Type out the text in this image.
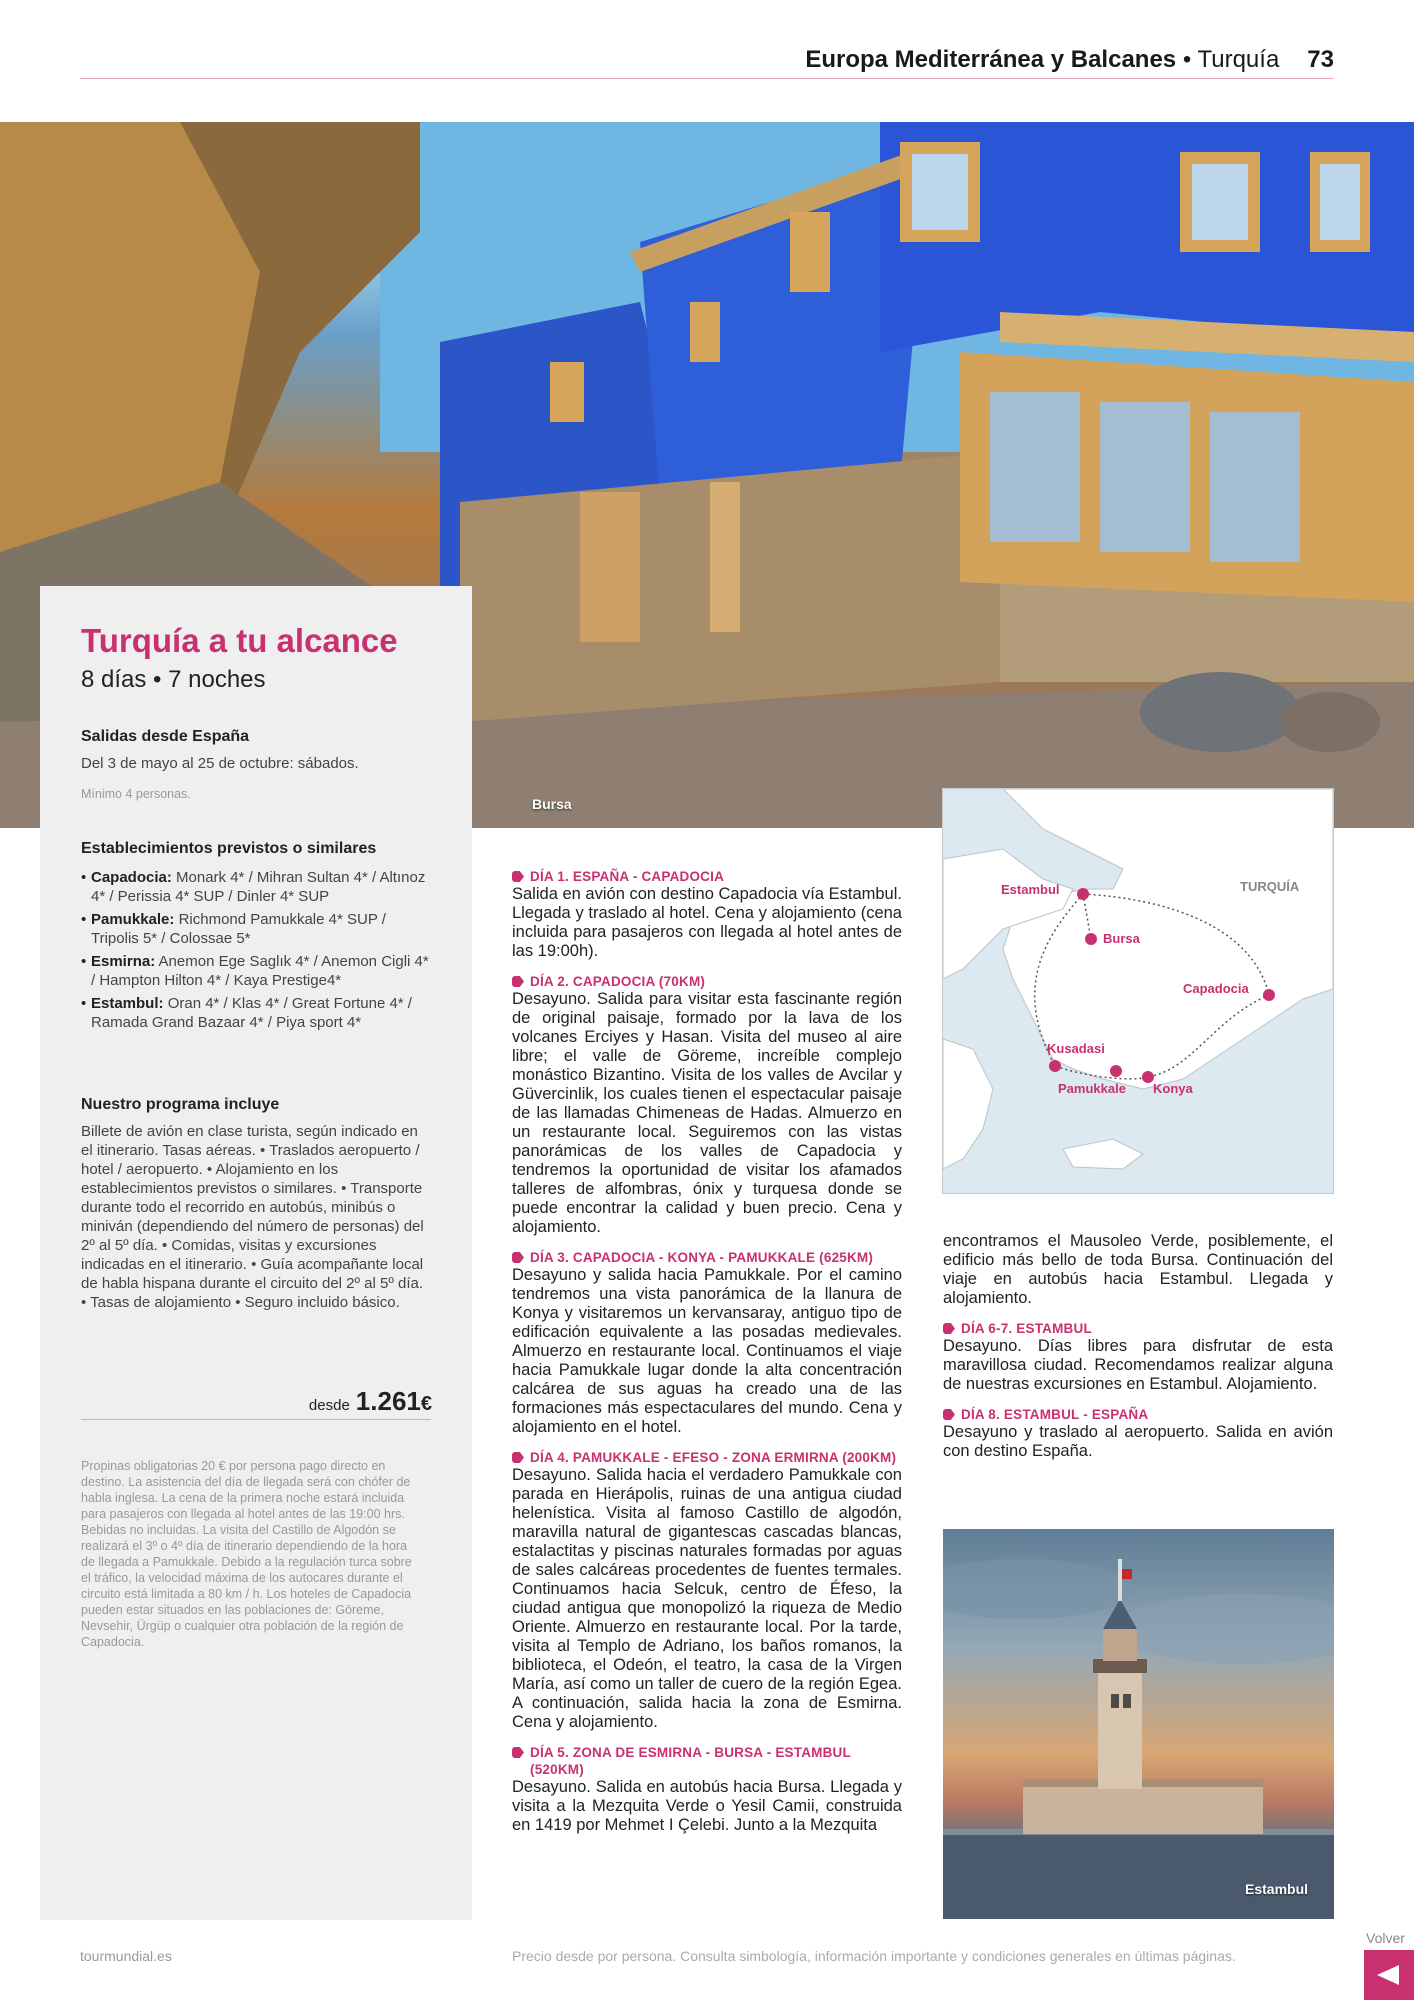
Europa Mediterránea y Balcanes • Turquía 73
Bursa
Turquía a tu alcance
8 días • 7 noches
Salidas desde España
Del 3 de mayo al 25 de octubre: sábados.
Mínimo 4 personas.
Establecimientos previstos o similares
• Capadocia: Monark 4* / Mihran Sultan 4* / Altınoz 4* / Perissia 4* SUP / Dinler 4* SUP
• Pamukkale: Richmond Pamukkale 4* SUP / Tripolis 5* / Colossae 5*
• Esmirna: Anemon Ege Saglık 4* / Anemon Cigli 4* / Hampton Hilton 4* / Kaya Prestige4*
• Estambul: Oran 4* / Klas 4* / Great Fortune 4* / Ramada Grand Bazaar 4* / Piya sport 4*
Nuestro programa incluye
Billete de avión en clase turista, según indicado en el itinerario. Tasas aéreas. • Traslados aeropuerto / hotel / aeropuerto. • Alojamiento en los establecimientos previstos o similares. • Transporte durante todo el recorrido en autobús, minibús o miniván (dependiendo del número de personas) del 2º al 5º día. • Comidas, visitas y excursiones indicadas en el itinerario. • Guía acompañante local de habla hispana durante el circuito del 2º al 5º día. • Tasas de alojamiento • Seguro incluido básico.
desde 1.261€
Propinas obligatorias 20 € por persona pago directo en destino. La asistencia del día de llegada será con chófer de habla inglesa. La cena de la primera noche estará incluida para pasajeros con llegada al hotel antes de las 19:00 hrs. Bebidas no incluidas. La visita del Castillo de Algodón se realizará el 3º o 4º día de itinerario dependiendo de la hora de llegada a Pamukkale. Debido a la regulación turca sobre el tráfico, la velocidad máxima de los autocares durante el circuito está limitada a 80 km / h. Los hoteles de Capadocia pueden estar situados en las poblaciones de: Göreme, Nevsehir, Ürgüp o cualquier otra población de la región de Capadocia.
DÍA 1. ESPAÑA - CAPADOCIA
Salida en avión con destino Capadocia vía Estambul. Llegada y traslado al hotel. Cena y alojamiento (cena incluida para pasajeros con llegada al hotel antes de las 19:00h).
DÍA 2. CAPADOCIA (70KM)
Desayuno. Salida para visitar esta fascinante región de original paisaje, formado por la lava de los volcanes Erciyes y Hasan. Visita del museo al aire libre; el valle de Göreme, increíble complejo monástico Bizantino. Visita de los valles de Avcilar y Güvercinlik, los cuales tienen el espectacular paisaje de las llamadas Chimeneas de Hadas. Almuerzo en un restaurante local. Seguiremos con las vistas panorámicas de los valles de Capadocia y tendremos la oportunidad de visitar los afamados talleres de alfombras, ónix y turquesa donde se puede encontrar la calidad y buen precio. Cena y alojamiento.
DÍA 3. CAPADOCIA - KONYA - PAMUKKALE (625KM)
Desayuno y salida hacia Pamukkale. Por el camino tendremos una vista panorámica de la llanura de Konya y visitaremos un kervansaray, antiguo tipo de edificación equivalente a las posadas medievales. Almuerzo en restaurante local. Continuamos el viaje hacia Pamukkale lugar donde la alta concentración calcárea de sus aguas ha creado una de las formaciones más espectaculares del mundo. Cena y alojamiento en el hotel.
DÍA 4. PAMUKKALE - EFESO - ZONA ERMIRNA (200KM)
Desayuno. Salida hacia el verdadero Pamukkale con parada en Hierápolis, ruinas de una antigua ciudad helenística. Visita al famoso Castillo de algodón, maravilla natural de gigantescas cascadas blancas, estalactitas y piscinas naturales formadas por aguas de sales calcáreas procedentes de fuentes termales. Continuamos hacia Selcuk, centro de Éfeso, la ciudad antigua que monopolizó la riqueza de Medio Oriente. Almuerzo en restaurante local. Por la tarde, visita al Templo de Adriano, los baños romanos, la biblioteca, el Odeón, el teatro, la casa de la Virgen María, así como un taller de cuero de la región Egea. A continuación, salida hacia la zona de Esmirna. Cena y alojamiento.
DÍA 5. ZONA DE ESMIRNA - BURSA - ESTAMBUL (520KM)
Desayuno. Salida en autobús hacia Bursa. Llegada y visita a la Mezquita Verde o Yesil Camii, construida en 1419 por Mehmet I Çelebi. Junto a la Mezquita
TURQUÍA
Estambul
Bursa
Capadocia
Kusadasi
Pamukkale Konya
encontramos el Mausoleo Verde, posiblemente, el edificio más bello de toda Bursa. Continuación del viaje en autobús hacia Estambul. Llegada y alojamiento.
DÍA 6-7. ESTAMBUL
Desayuno. Días libres para disfrutar de esta maravillosa ciudad. Recomendamos realizar alguna de nuestras excursiones en Estambul. Alojamiento.
DÍA 8. ESTAMBUL - ESPAÑA
Desayuno y traslado al aeropuerto. Salida en avión con destino España.
Estambul
tourmundial.es	Precio desde por persona. Consulta simbología, información importante y condiciones generales en últimas páginas.
Volver
